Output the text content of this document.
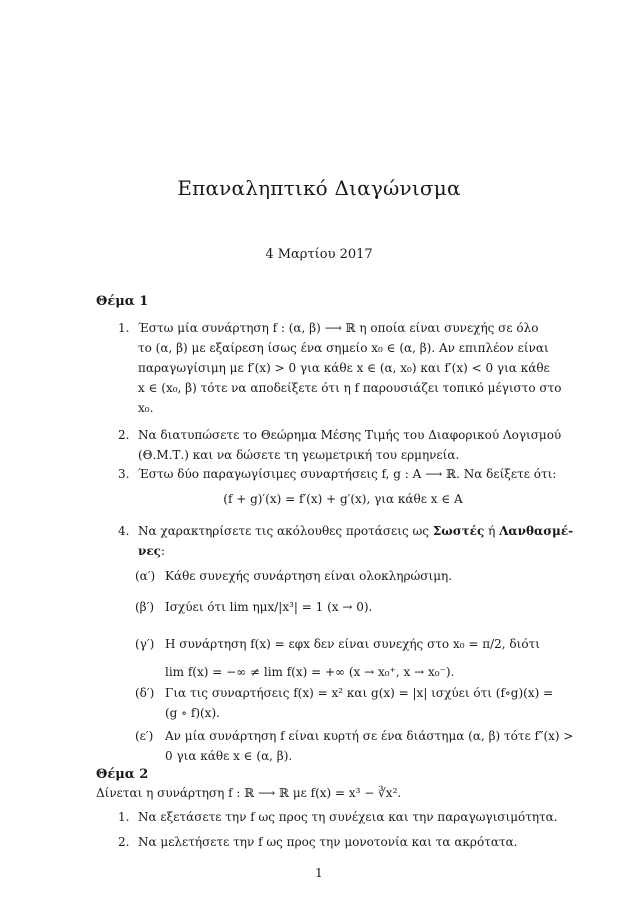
Επαναληπτικό Διαγώνισμα
4 Μαρτίου 2017
Θέμα 1
1. Έστω μία συνάρτηση f : (α, β) ⟶ ℝ η οποία είναι συνεχής σε όλο
το (α, β) με εξαίρεση ίσως ένα σημείο x₀ ∈ (α, β). Αν επιπλέον είναι
παραγωγίσιμη με f′(x) > 0 για κάθε x ∈ (α, x₀) και f′(x) < 0 για κάθε
x ∈ (x₀, β) τότε να αποδείξετε ότι η f παρουσιάζει τοπικό μέγιστο στο
x₀.
2. Να διατυπώσετε το Θεώρημα Μέσης Τιμής του Διαφορικού Λογισμού
(Θ.Μ.Τ.) και να δώσετε τη γεωμετρική του ερμηνεία.
3. Έστω δύο παραγωγίσιμες συναρτήσεις f, g : A ⟶ ℝ. Να δείξετε ότι:
(f + g)′(x) = f′(x) + g′(x), για κάθε x ∈ A
4. Να χαρακτηρίσετε τις ακόλουθες προτάσεις ως Σωστές ή Λανθασμέ-
νες:
(α′) Κάθε συνεχής συνάρτηση είναι ολοκληρώσιμη.
(β′) Ισχύει ότι lim ημx/|x³| = 1 (x → 0).
(γ′) Η συνάρτηση f(x) = εφx δεν είναι συνεχής στο x₀ = π/2, διότι
lim f(x) = −∞ ≠ lim f(x) = +∞ (x → x₀⁺, x → x₀⁻).
(δ′) Για τις συναρτήσεις f(x) = x² και g(x) = |x| ισχύει ότι (f∘g)(x) =
(g ∘ f)(x).
(ε′) Αν μία συνάρτηση f είναι κυρτή σε ένα διάστημα (α, β) τότε f″(x) >
0 για κάθε x ∈ (α, β).
Θέμα 2
Δίνεται η συνάρτηση f : ℝ ⟶ ℝ με f(x) = x³ − ∛x².
1. Να εξετάσετε την f ως προς τη συνέχεια και την παραγωγισιμότητα.
2. Να μελετήσετε την f ως προς την μονοτονία και τα ακρότατα.
1
